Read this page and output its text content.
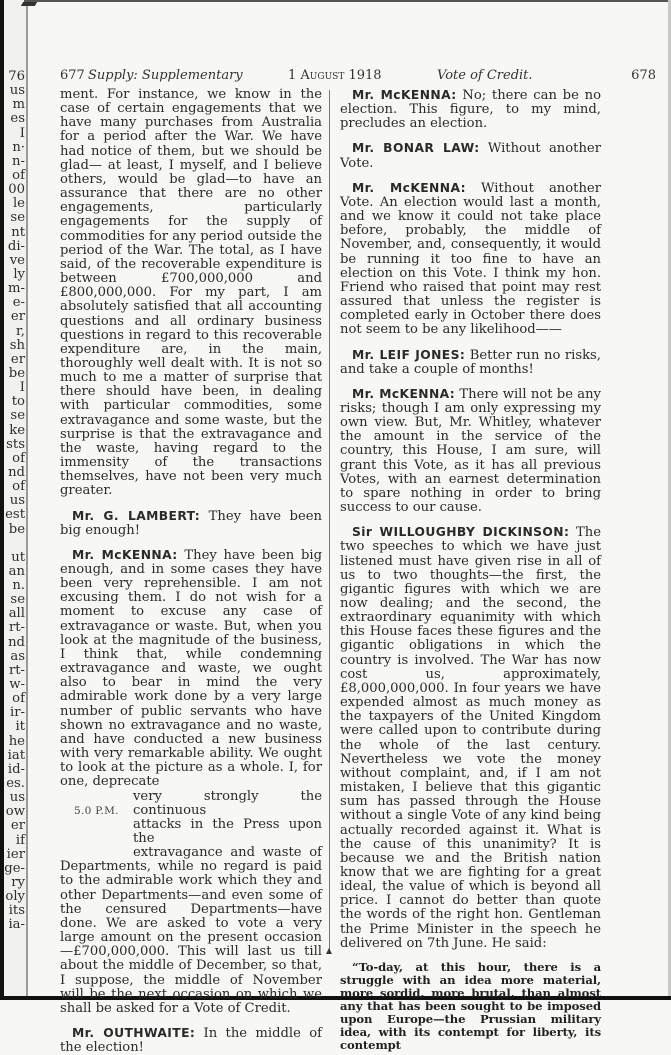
76
us
m
es
I
n·
n-
of
00
le
se
nt
di-
ve
ly
m-
e-
er
r,
sh
er
be
I
to
se
ke
sts
of
nd
of
us
est
be
ut
an
n.
se
all
rt-
nd
as
rt-
w-
of
ir-
it
he
iat
id-
es.
us
ow
er
if
ier
ge-
ry
oly
its
ia-
677 Supply: Supplementary	1 August 1918	Vote of Credit.	678

ment. For instance, we know in the case of certain engagements that we have many purchases from Australia for a period after the War. We have had notice of them, but we should be glad— at least, I myself, and I believe others, would be glad—to have an assurance that there are no other engagements, particularly engagements for the supply of commodities for any period outside the period of the War. The total, as I have said, of the recoverable expenditure is between £700,000,000 and £800,000,000. For my part, I am absolutely satisfied that all accounting questions and all ordinary business questions in regard to this recoverable expenditure are, in the main, thoroughly well dealt with. It is not so much to me a matter of surprise that there should have been, in dealing with particular commodities, some extravagance and some waste, but the surprise is that the extravagance and the waste, having regard to the immensity of the transactions themselves, have not been very much greater.

Mr. G. LAMBERT: They have been big enough!

Mr. McKENNA: They have been big enough, and in some cases they have been very reprehensible. I am not excusing them. I do not wish for a moment to excuse any case of extravagance or waste. But, when you look at the magnitude of the business, I think that, while condemning extravagance and waste, we ought also to bear in mind the very admirable work done by a very large number of public servants who have shown no extravagance and no waste, and have conducted a new business with very remarkable ability. We ought to look at the picture as a whole. I, for one, deprecate

very strongly the continuous
5.0 P.M.
attacks in the Press upon the
extravagance and waste of

Departments, while no regard is paid to the admirable work which they and other Departments—and even some of the censured Departments—have done. We are asked to vote a very large amount on the present occasion—£700,000,000. This will last us till about the middle of December, so that, I suppose, the middle of November will be the next occasion on which we shall be asked for a Vote of Credit.

Mr. OUTHWAITE: In the middle of the election!

Mr. McKENNA: No; there can be no election. This figure, to my mind, precludes an election.

Mr. BONAR LAW: Without another Vote.

Mr. McKENNA: Without another Vote. An election would last a month, and we know it could not take place before, probably, the middle of November, and, consequently, it would be running it too fine to have an election on this Vote. I think my hon. Friend who raised that point may rest assured that unless the register is completed early in October there does not seem to be any likelihood——

Mr. LEIF JONES: Better run no risks, and take a couple of months!

Mr. McKENNA: There will not be any risks; though I am only expressing my own view. But, Mr. Whitley, whatever the amount in the service of the country, this House, I am sure, will grant this Vote, as it has all previous Votes, with an earnest determination to spare nothing in order to bring success to our cause.

Sir WILLOUGHBY DICKINSON: The two speeches to which we have just listened must have given rise in all of us to two thoughts—the first, the gigantic figures with which we are now dealing; and the second, the extraordinary equanimity with which this House faces these figures and the gigantic obligations in which the country is involved. The War has now cost us, approximately, £8,000,000,000. In four years we have expended almost as much money as the taxpayers of the United Kingdom were called upon to contribute during the whole of the last century. Nevertheless we vote the money without complaint, and, if I am not mistaken, I believe that this gigantic sum has passed through the House without a single Vote of any kind being actually recorded against it. What is the cause of this unanimity? It is because we and the British nation know that we are fighting for a great ideal, the value of which is beyond all price. I cannot do better than quote the words of the right hon. Gentleman the Prime Minister in the speech he delivered on 7th June. He said:

“To-day, at this hour, there is a struggle with an idea more material, more sordid, more brutal, than almost any that has been sought to be imposed upon Europe—the Prussian military idea, with its contempt for liberty, its contempt
